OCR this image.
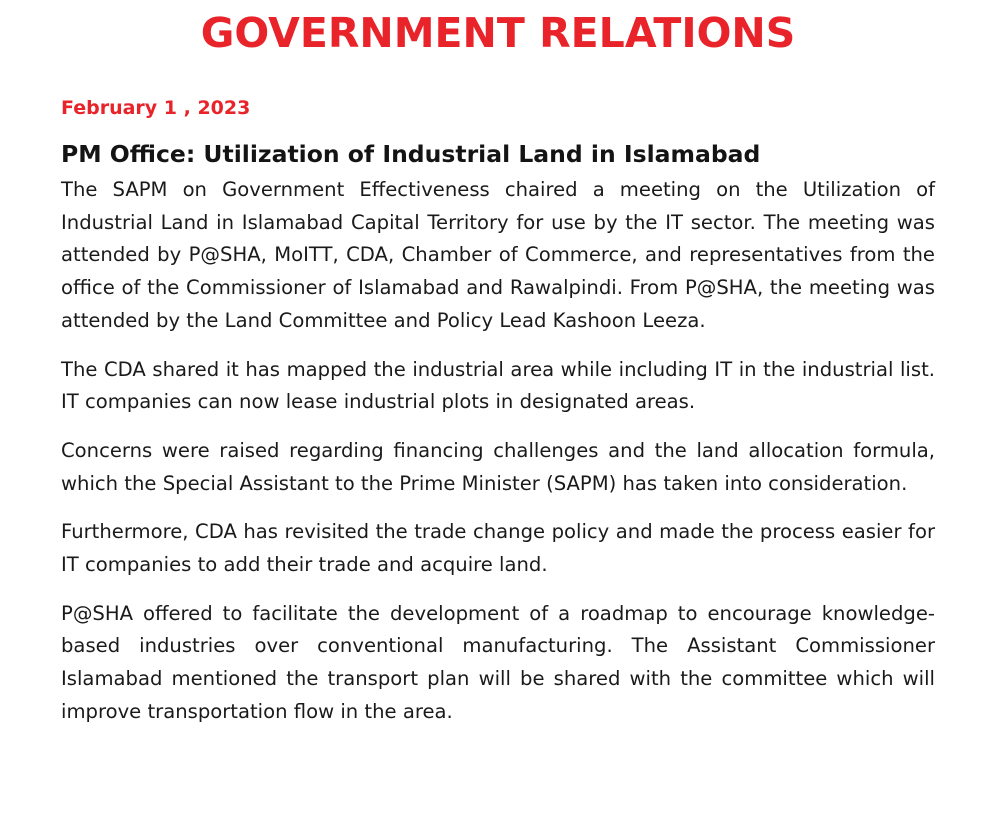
GOVERNMENT RELATIONS
February 1 , 2023
PM Office: Utilization of Industrial Land in Islamabad

The SAPM on Government Effectiveness chaired a meeting on the Utilization of Industrial Land in Islamabad Capital Territory for use by the IT sector. The meeting was attended by P@SHA, MoITT, CDA, Chamber of Commerce, and representatives from the office of the Commissioner of Islamabad and Rawalpindi. From P@SHA, the meeting was attended by the Land Committee and Policy Lead Kashoon Leeza.

The CDA shared it has mapped the industrial area while including IT in the industrial list. IT companies can now lease industrial plots in designated areas.

Concerns were raised regarding financing challenges and the land allocation formula, which the Special Assistant to the Prime Minister (SAPM) has taken into consideration.

Furthermore, CDA has revisited the trade change policy and made the process easier for IT companies to add their trade and acquire land.

P@SHA offered to facilitate the development of a roadmap to encourage knowledge-based industries over conventional manufacturing. The Assistant Commissioner Islamabad mentioned the transport plan will be shared with the committee which will improve transportation flow in the area.
